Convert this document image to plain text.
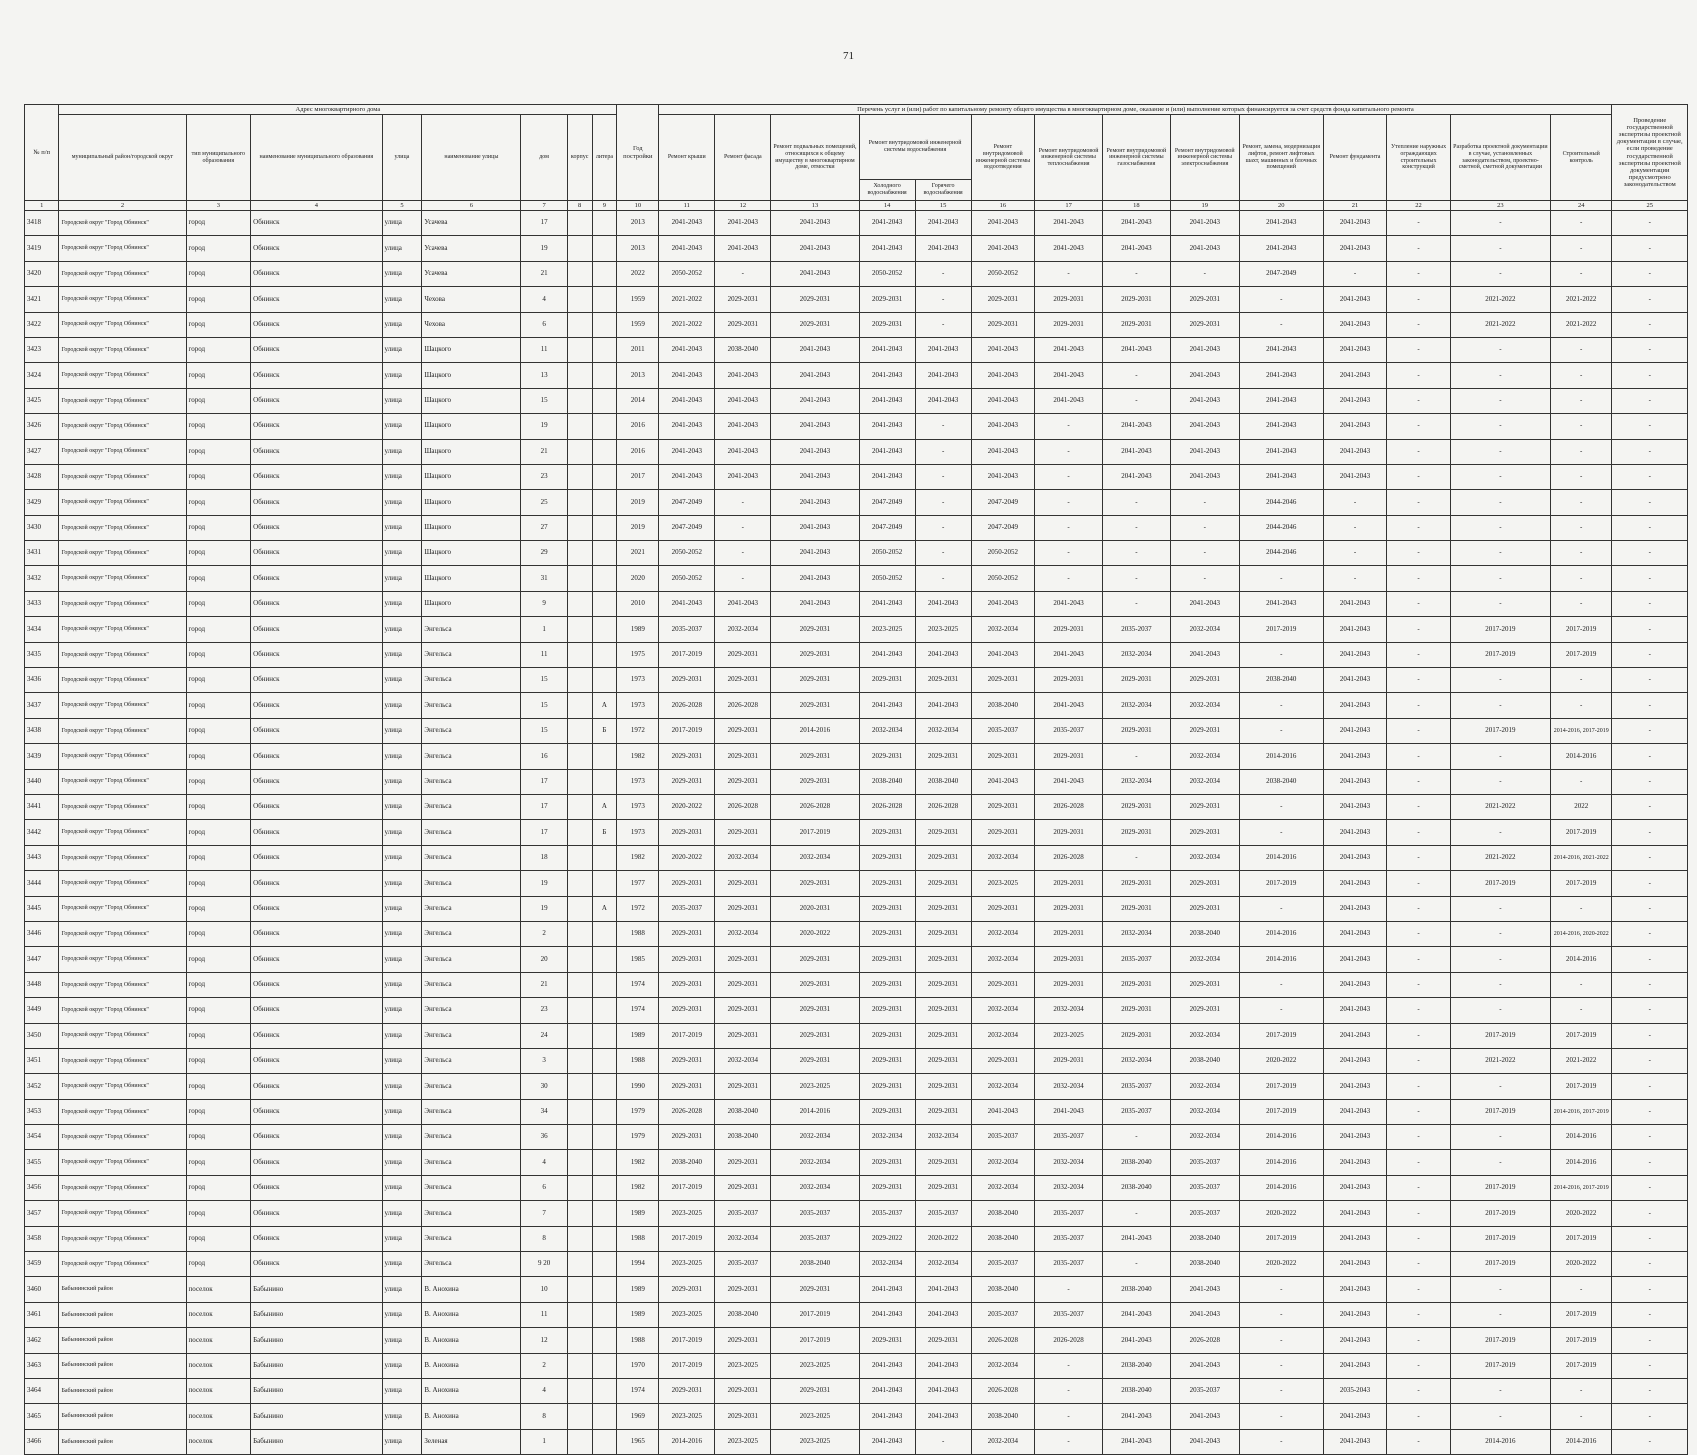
71
№ п/п	Адрес многоквартирного дома								Год постройки	Перечень услуг и (или) работ по капитальному ремонту общего имущества в многоквартирном доме, оказание и (или) выполнение которых финансируется за счет средств фонда капитального ремонта														Проведение государственной экспертизы проектной документации в случае, если проведение государственной экспертизы проектной документации предусмотрено законодательством
	муниципальный район/городской округ	тип муниципального образования	наименование муниципального образования	улица	наименование улицы	дом	корпус	литера		Ремонт крыши	Ремонт фасада	Ремонт подвальных помещений, относящихся к общему имуществу в многоквартирном доме, отмостки	Ремонт внутридомовой инженерной системы водоснабжения		Ремонт внутридомовой инженерной системы водоотведения	Ремонт внутридомовой инженерной системы теплоснабжения	Ремонт внутридомовой инженерной системы газоснабжения	Ремонт внутридомовой инженерной системы электроснабжения	Ремонт, замена, модернизация лифтов, ремонт лифтовых шахт, машинных и блочных помещений	Ремонт фундамента	Утепление наружных ограждающих строительных конструкций	Разработка проектной документации в случае, установленных законодательством, проектно-сметной, сметной документации	Строительный контроль	
													Холодного водоснабжения	Горячего водоснабжения										
1	2	3	4	5	6	7	8	9	10	11	12	13	14	15	16	17	18	19	20	21	22	23	24	25
3418	Городской округ "Город Обнинск"	город	Обнинск	улица	Усачева	17			2013	2041-2043	2041-2043	2041-2043	2041-2043	2041-2043	2041-2043	2041-2043	2041-2043	2041-2043	2041-2043	2041-2043	-	-	-	-
3419	Городской округ "Город Обнинск"	город	Обнинск	улица	Усачева	19			2013	2041-2043	2041-2043	2041-2043	2041-2043	2041-2043	2041-2043	2041-2043	2041-2043	2041-2043	2041-2043	2041-2043	-	-	-	-
3420	Городской округ "Город Обнинск"	город	Обнинск	улица	Усачева	21			2022	2050-2052	-	2041-2043	2050-2052	-	2050-2052	-	-	-	2047-2049	-	-	-	-	-
3421	Городской округ "Город Обнинск"	город	Обнинск	улица	Чехова	4			1959	2021-2022	2029-2031	2029-2031	2029-2031	-	2029-2031	2029-2031	2029-2031	2029-2031	-	2041-2043	-	2021-2022	2021-2022	-
3422	Городской округ "Город Обнинск"	город	Обнинск	улица	Чехова	6			1959	2021-2022	2029-2031	2029-2031	2029-2031	-	2029-2031	2029-2031	2029-2031	2029-2031	-	2041-2043	-	2021-2022	2021-2022	-
3423	Городской округ "Город Обнинск"	город	Обнинск	улица	Шацкого	11			2011	2041-2043	2038-2040	2041-2043	2041-2043	2041-2043	2041-2043	2041-2043	2041-2043	2041-2043	2041-2043	2041-2043	-	-	-	-
3424	Городской округ "Город Обнинск"	город	Обнинск	улица	Шацкого	13			2013	2041-2043	2041-2043	2041-2043	2041-2043	2041-2043	2041-2043	2041-2043	-	2041-2043	2041-2043	2041-2043	-	-	-	-
3425	Городской округ "Город Обнинск"	город	Обнинск	улица	Шацкого	15			2014	2041-2043	2041-2043	2041-2043	2041-2043	2041-2043	2041-2043	2041-2043	-	2041-2043	2041-2043	2041-2043	-	-	-	-
3426	Городской округ "Город Обнинск"	город	Обнинск	улица	Шацкого	19			2016	2041-2043	2041-2043	2041-2043	2041-2043	-	2041-2043	-	2041-2043	2041-2043	2041-2043	2041-2043	-	-	-	-
3427	Городской округ "Город Обнинск"	город	Обнинск	улица	Шацкого	21			2016	2041-2043	2041-2043	2041-2043	2041-2043	-	2041-2043	-	2041-2043	2041-2043	2041-2043	2041-2043	-	-	-	-
3428	Городской округ "Город Обнинск"	город	Обнинск	улица	Шацкого	23			2017	2041-2043	2041-2043	2041-2043	2041-2043	-	2041-2043	-	2041-2043	2041-2043	2041-2043	2041-2043	-	-	-	-
3429	Городской округ "Город Обнинск"	город	Обнинск	улица	Шацкого	25			2019	2047-2049	-	2041-2043	2047-2049	-	2047-2049	-	-	-	2044-2046	-	-	-	-	-
3430	Городской округ "Город Обнинск"	город	Обнинск	улица	Шацкого	27			2019	2047-2049	-	2041-2043	2047-2049	-	2047-2049	-	-	-	2044-2046	-	-	-	-	-
3431	Городской округ "Город Обнинск"	город	Обнинск	улица	Шацкого	29			2021	2050-2052	-	2041-2043	2050-2052	-	2050-2052	-	-	-	2044-2046	-	-	-	-	-
3432	Городской округ "Город Обнинск"	город	Обнинск	улица	Шацкого	31			2020	2050-2052	-	2041-2043	2050-2052	-	2050-2052	-	-	-	-	-	-	-	-	-
3433	Городской округ "Город Обнинск"	город	Обнинск	улица	Шацкого	9			2010	2041-2043	2041-2043	2041-2043	2041-2043	2041-2043	2041-2043	2041-2043	-	2041-2043	2041-2043	2041-2043	-	-	-	-
3434	Городской округ "Город Обнинск"	город	Обнинск	улица	Энгельса	1			1989	2035-2037	2032-2034	2029-2031	2023-2025	2023-2025	2032-2034	2029-2031	2035-2037	2032-2034	2017-2019	2041-2043	-	2017-2019	2017-2019	-
3435	Городской округ "Город Обнинск"	город	Обнинск	улица	Энгельса	11			1975	2017-2019	2029-2031	2029-2031	2041-2043	2041-2043	2041-2043	2041-2043	2032-2034	2041-2043	-	2041-2043	-	2017-2019	2017-2019	-
3436	Городской округ "Город Обнинск"	город	Обнинск	улица	Энгельса	15			1973	2029-2031	2029-2031	2029-2031	2029-2031	2029-2031	2029-2031	2029-2031	2029-2031	2029-2031	2038-2040	2041-2043	-	-	-	-
3437	Городской округ "Город Обнинск"	город	Обнинск	улица	Энгельса	15		А	1973	2026-2028	2026-2028	2029-2031	2041-2043	2041-2043	2038-2040	2041-2043	2032-2034	2032-2034	-	2041-2043	-	-	-	-
3438	Городской округ "Город Обнинск"	город	Обнинск	улица	Энгельса	15		Б	1972	2017-2019	2029-2031	2014-2016	2032-2034	2032-2034	2035-2037	2035-2037	2029-2031	2029-2031	-	2041-2043	-	2017-2019	2014-2016, 2017-2019	-
3439	Городской округ "Город Обнинск"	город	Обнинск	улица	Энгельса	16			1982	2029-2031	2029-2031	2029-2031	2029-2031	2029-2031	2029-2031	2029-2031	-	2032-2034	2014-2016	2041-2043	-	-	2014-2016	-
3440	Городской округ "Город Обнинск"	город	Обнинск	улица	Энгельса	17			1973	2029-2031	2029-2031	2029-2031	2038-2040	2038-2040	2041-2043	2041-2043	2032-2034	2032-2034	2038-2040	2041-2043	-	-	-	-
3441	Городской округ "Город Обнинск"	город	Обнинск	улица	Энгельса	17		А	1973	2020-2022	2026-2028	2026-2028	2026-2028	2026-2028	2029-2031	2026-2028	2029-2031	2029-2031	-	2041-2043	-	2021-2022	2022	-
3442	Городской округ "Город Обнинск"	город	Обнинск	улица	Энгельса	17		Б	1973	2029-2031	2029-2031	2017-2019	2029-2031	2029-2031	2029-2031	2029-2031	2029-2031	2029-2031	-	2041-2043	-	-	2017-2019	-
3443	Городской округ "Город Обнинск"	город	Обнинск	улица	Энгельса	18			1982	2020-2022	2032-2034	2032-2034	2029-2031	2029-2031	2032-2034	2026-2028	-	2032-2034	2014-2016	2041-2043	-	2021-2022	2014-2016, 2021-2022	-
3444	Городской округ "Город Обнинск"	город	Обнинск	улица	Энгельса	19			1977	2029-2031	2029-2031	2029-2031	2029-2031	2029-2031	2023-2025	2029-2031	2029-2031	2029-2031	2017-2019	2041-2043	-	2017-2019	2017-2019	-
3445	Городской округ "Город Обнинск"	город	Обнинск	улица	Энгельса	19		А	1972	2035-2037	2029-2031	2020-2031	2029-2031	2029-2031	2029-2031	2029-2031	2029-2031	2029-2031	-	2041-2043	-	-	-	-
3446	Городской округ "Город Обнинск"	город	Обнинск	улица	Энгельса	2			1988	2029-2031	2032-2034	2020-2022	2029-2031	2029-2031	2032-2034	2029-2031	2032-2034	2038-2040	2014-2016	2041-2043	-	-	2014-2016, 2020-2022	-
3447	Городской округ "Город Обнинск"	город	Обнинск	улица	Энгельса	20			1985	2029-2031	2029-2031	2029-2031	2029-2031	2029-2031	2032-2034	2029-2031	2035-2037	2032-2034	2014-2016	2041-2043	-	-	2014-2016	-
3448	Городской округ "Город Обнинск"	город	Обнинск	улица	Энгельса	21			1974	2029-2031	2029-2031	2029-2031	2029-2031	2029-2031	2029-2031	2029-2031	2029-2031	2029-2031	-	2041-2043	-	-	-	-
3449	Городской округ "Город Обнинск"	город	Обнинск	улица	Энгельса	23			1974	2029-2031	2029-2031	2029-2031	2029-2031	2029-2031	2032-2034	2032-2034	2029-2031	2029-2031	-	2041-2043	-	-	-	-
3450	Городской округ "Город Обнинск"	город	Обнинск	улица	Энгельса	24			1989	2017-2019	2029-2031	2029-2031	2029-2031	2029-2031	2032-2034	2023-2025	2029-2031	2032-2034	2017-2019	2041-2043	-	2017-2019	2017-2019	-
3451	Городской округ "Город Обнинск"	город	Обнинск	улица	Энгельса	3			1988	2029-2031	2032-2034	2029-2031	2029-2031	2029-2031	2029-2031	2029-2031	2032-2034	2038-2040	2020-2022	2041-2043	-	2021-2022	2021-2022	-
3452	Городской округ "Город Обнинск"	город	Обнинск	улица	Энгельса	30			1990	2029-2031	2029-2031	2023-2025	2029-2031	2029-2031	2032-2034	2032-2034	2035-2037	2032-2034	2017-2019	2041-2043	-	-	2017-2019	-
3453	Городской округ "Город Обнинск"	город	Обнинск	улица	Энгельса	34			1979	2026-2028	2038-2040	2014-2016	2029-2031	2029-2031	2041-2043	2041-2043	2035-2037	2032-2034	2017-2019	2041-2043	-	2017-2019	2014-2016, 2017-2019	-
3454	Городской округ "Город Обнинск"	город	Обнинск	улица	Энгельса	36			1979	2029-2031	2038-2040	2032-2034	2032-2034	2032-2034	2035-2037	2035-2037	-	2032-2034	2014-2016	2041-2043	-	-	2014-2016	-
3455	Городской округ "Город Обнинск"	город	Обнинск	улица	Энгельса	4			1982	2038-2040	2029-2031	2032-2034	2029-2031	2029-2031	2032-2034	2032-2034	2038-2040	2035-2037	2014-2016	2041-2043	-	-	2014-2016	-
3456	Городской округ "Город Обнинск"	город	Обнинск	улица	Энгельса	6			1982	2017-2019	2029-2031	2032-2034	2029-2031	2029-2031	2032-2034	2032-2034	2038-2040	2035-2037	2014-2016	2041-2043	-	2017-2019	2014-2016, 2017-2019	-
3457	Городской округ "Город Обнинск"	город	Обнинск	улица	Энгельса	7			1989	2023-2025	2035-2037	2035-2037	2035-2037	2035-2037	2038-2040	2035-2037	-	2035-2037	2020-2022	2041-2043	-	2017-2019	2020-2022	-
3458	Городской округ "Город Обнинск"	город	Обнинск	улица	Энгельса	8			1988	2017-2019	2032-2034	2035-2037	2029-2022	2020-2022	2038-2040	2035-2037	2041-2043	2038-2040	2017-2019	2041-2043	-	2017-2019	2017-2019	-
3459	Городской округ "Город Обнинск"	город	Обнинск	улица	Энгельса	9 20			1994	2023-2025	2035-2037	2038-2040	2032-2034	2032-2034	2035-2037	2035-2037	-	2038-2040	2020-2022	2041-2043	-	2017-2019	2020-2022	-
3460	Бабынинский район	поселок	Бабынино	улица	В. Анохина	10			1989	2029-2031	2029-2031	2029-2031	2041-2043	2041-2043	2038-2040	-	2038-2040	2041-2043	-	2041-2043	-	-	-	-
3461	Бабынинский район	поселок	Бабынино	улица	В. Анохина	11			1989	2023-2025	2038-2040	2017-2019	2041-2043	2041-2043	2035-2037	2035-2037	2041-2043	2041-2043	-	2041-2043	-	-	2017-2019	-
3462	Бабынинский район	поселок	Бабынино	улица	В. Анохина	12			1988	2017-2019	2029-2031	2017-2019	2029-2031	2029-2031	2026-2028	2026-2028	2041-2043	2026-2028	-	2041-2043	-	2017-2019	2017-2019	-
3463	Бабынинский район	поселок	Бабынино	улица	В. Анохина	2			1970	2017-2019	2023-2025	2023-2025	2041-2043	2041-2043	2032-2034	-	2038-2040	2041-2043	-	2041-2043	-	2017-2019	2017-2019	-
3464	Бабынинский район	поселок	Бабынино	улица	В. Анохина	4			1974	2029-2031	2029-2031	2029-2031	2041-2043	2041-2043	2026-2028	-	2038-2040	2035-2037	-	2035-2043	-	-	-	-
3465	Бабынинский район	поселок	Бабынино	улица	В. Анохина	8			1969	2023-2025	2029-2031	2023-2025	2041-2043	2041-2043	2038-2040	-	2041-2043	2041-2043	-	2041-2043	-	-	-	-
3466	Бабынинский район	поселок	Бабынино	улица	Зеленая	1			1965	2014-2016	2023-2025	2023-2025	2041-2043	-	2032-2034	-	2041-2043	2041-2043	-	2041-2043	-	2014-2016	2014-2016	-
